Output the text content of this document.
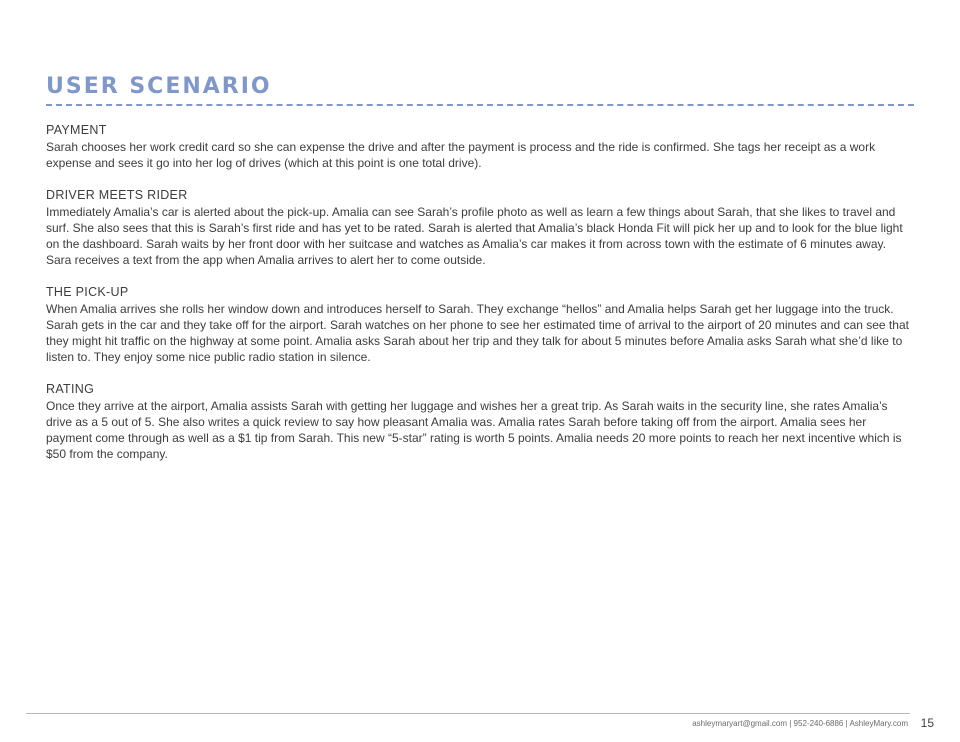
USER SCENARIO
PAYMENT

Sarah chooses her work credit card so she can expense the drive and after the payment is process and the ride is confirmed. She tags her receipt as a work expense and sees it go into her log of drives (which at this point is one total drive).

DRIVER MEETS RIDER

Immediately Amalia’s car is alerted about the pick-up. Amalia can see Sarah’s profile photo as well as learn a few things about Sarah, that she likes to travel and surf. She also sees that this is Sarah’s first ride and has yet to be rated. Sarah is alerted that Amalia’s black Honda Fit will pick her up and to look for the blue light on the dashboard. Sarah waits by her front door with her suitcase and watches as Amalia’s car makes it from across town with the estimate of 6 minutes away. Sara receives a text from the app when Amalia arrives to alert her to come outside.

THE PICK-UP

When Amalia arrives she rolls her window down and introduces herself to Sarah. They exchange “hellos” and Amalia helps Sarah get her luggage into the truck. Sarah gets in the car and they take off for the airport. Sarah watches on her phone to see her estimated time of arrival to the airport of 20 minutes and can see that they might hit traffic on the highway at some point. Amalia asks Sarah about her trip and they talk for about 5 minutes before Amalia asks Sarah what she’d like to listen to. They enjoy some nice public radio station in silence.

RATING

Once they arrive at the airport, Amalia assists Sarah with getting her luggage and wishes her a great trip. As Sarah waits in the security line, she rates Amalia’s drive as a 5 out of 5. She also writes a quick review to say how pleasant Amalia was. Amalia rates Sarah before taking off from the airport. Amalia sees her payment come through as well as a $1 tip from Sarah. This new “5-star” rating is worth 5 points. Amalia needs 20 more points to reach her next incentive which is $50 from the company.

ashleymaryart@gmail.com | 952-240-6886 | AshleyMary.com 15
